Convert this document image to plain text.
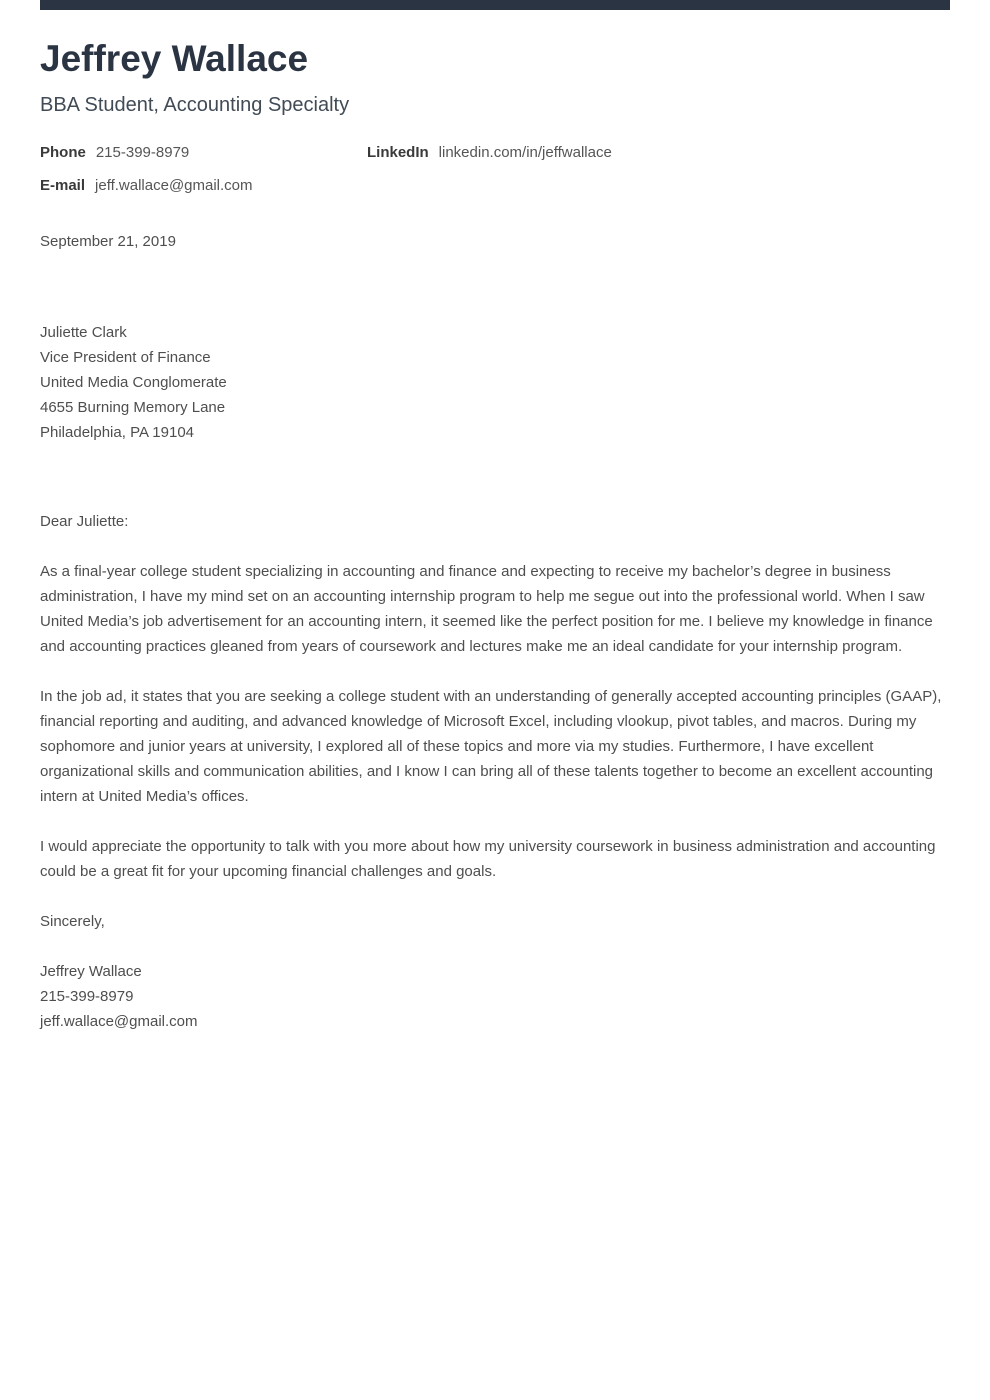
Jeffrey Wallace
BBA Student, Accounting Specialty
Phone 215-399-8979	LinkedIn linkedin.com/in/jeffwallace
E-mail jeff.wallace@gmail.com
September 21, 2019
Juliette Clark
Vice President of Finance
United Media Conglomerate
4655 Burning Memory Lane
Philadelphia, PA 19104
Dear Juliette:

As a final-year college student specializing in accounting and finance and expecting to receive my bachelor’s degree in business administration, I have my mind set on an accounting internship program to help me segue out into the professional world. When I saw United Media’s job advertisement for an accounting intern, it seemed like the perfect position for me. I believe my knowledge in finance and accounting practices gleaned from years of coursework and lectures make me an ideal candidate for your internship program.

In the job ad, it states that you are seeking a college student with an understanding of generally accepted accounting principles (GAAP), financial reporting and auditing, and advanced knowledge of Microsoft Excel, including vlookup, pivot tables, and macros. During my sophomore and junior years at university, I explored all of these topics and more via my studies. Furthermore, I have excellent organizational skills and communication abilities, and I know I can bring all of these talents together to become an excellent accounting intern at United Media’s offices.

I would appreciate the opportunity to talk with you more about how my university coursework in business administration and accounting could be a great fit for your upcoming financial challenges and goals.

Sincerely,
Jeffrey Wallace
215-399-8979
jeff.wallace@gmail.com
